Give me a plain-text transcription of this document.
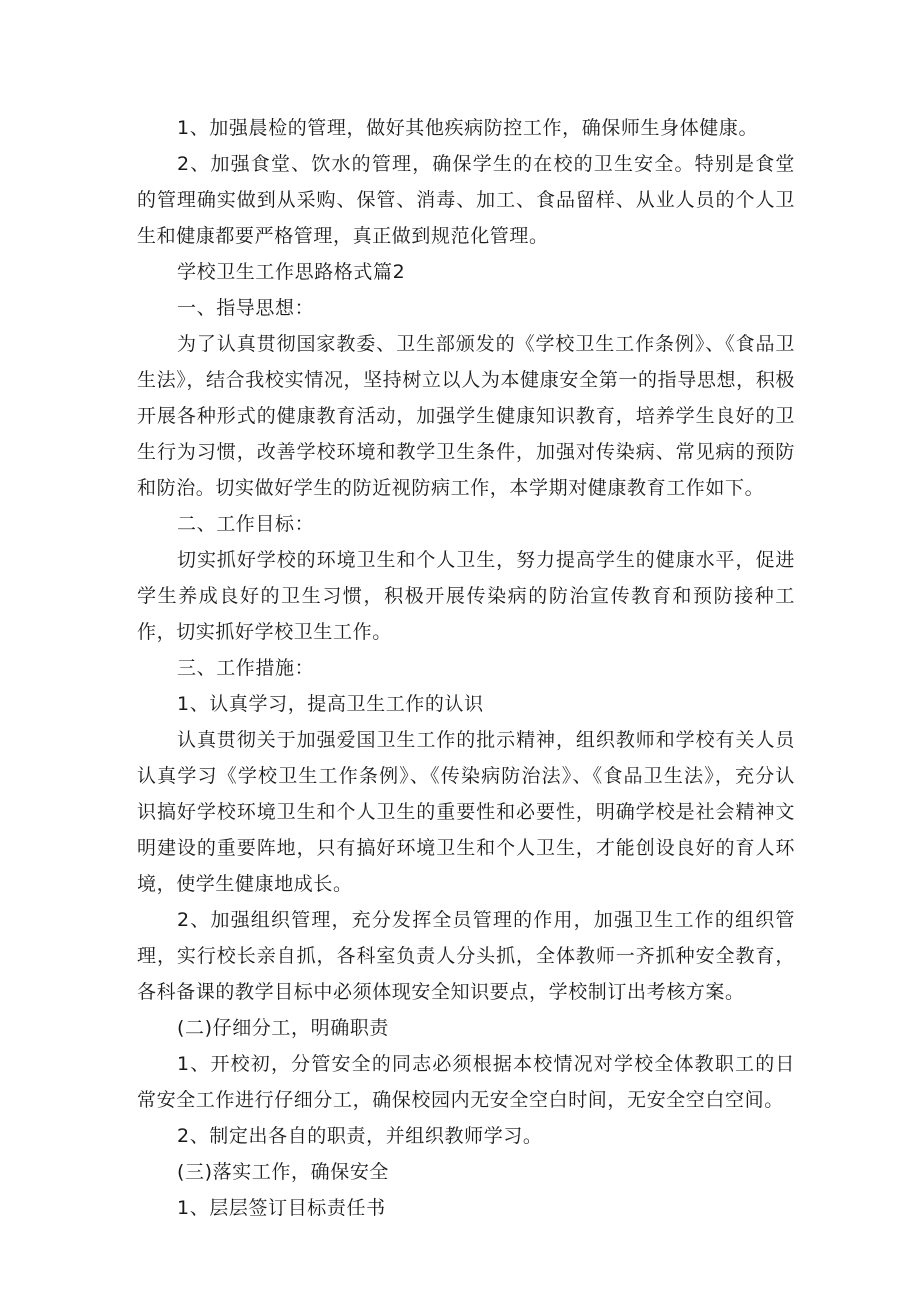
1、加强晨检的管理，做好其他疾病防控工作，确保师生身体健康。

2、加强食堂、饮水的管理，确保学生的在校的卫生安全。特别是食堂的管理确实做到从采购、保管、消毒、加工、食品留样、从业人员的个人卫生和健康都要严格管理，真正做到规范化管理。

学校卫生工作思路格式篇2

一、指导思想：

为了认真贯彻国家教委、卫生部颁发的《学校卫生工作条例》、《食品卫生法》，结合我校实情况，坚持树立以人为本健康安全第一的指导思想，积极开展各种形式的健康教育活动，加强学生健康知识教育，培养学生良好的卫生行为习惯，改善学校环境和教学卫生条件，加强对传染病、常见病的预防和防治。切实做好学生的防近视防病工作，本学期对健康教育工作如下。

二、工作目标：

切实抓好学校的环境卫生和个人卫生，努力提高学生的健康水平，促进学生养成良好的卫生习惯，积极开展传染病的防治宣传教育和预防接种工作，切实抓好学校卫生工作。

三、工作措施：

1、认真学习，提高卫生工作的认识

认真贯彻关于加强爱国卫生工作的批示精神，组织教师和学校有关人员认真学习《学校卫生工作条例》、《传染病防治法》、《食品卫生法》，充分认识搞好学校环境卫生和个人卫生的重要性和必要性，明确学校是社会精神文明建设的重要阵地，只有搞好环境卫生和个人卫生，才能创设良好的育人环境，使学生健康地成长。

2、加强组织管理，充分发挥全员管理的作用，加强卫生工作的组织管理，实行校长亲自抓，各科室负责人分头抓，全体教师一齐抓种安全教育，各科备课的教学目标中必须体现安全知识要点，学校制订出考核方案。

(二)仔细分工，明确职责

1、开校初，分管安全的同志必须根据本校情况对学校全体教职工的日常安全工作进行仔细分工，确保校园内无安全空白时间，无安全空白空间。

2、制定出各自的职责，并组织教师学习。

(三)落实工作，确保安全

1、层层签订目标责任书
